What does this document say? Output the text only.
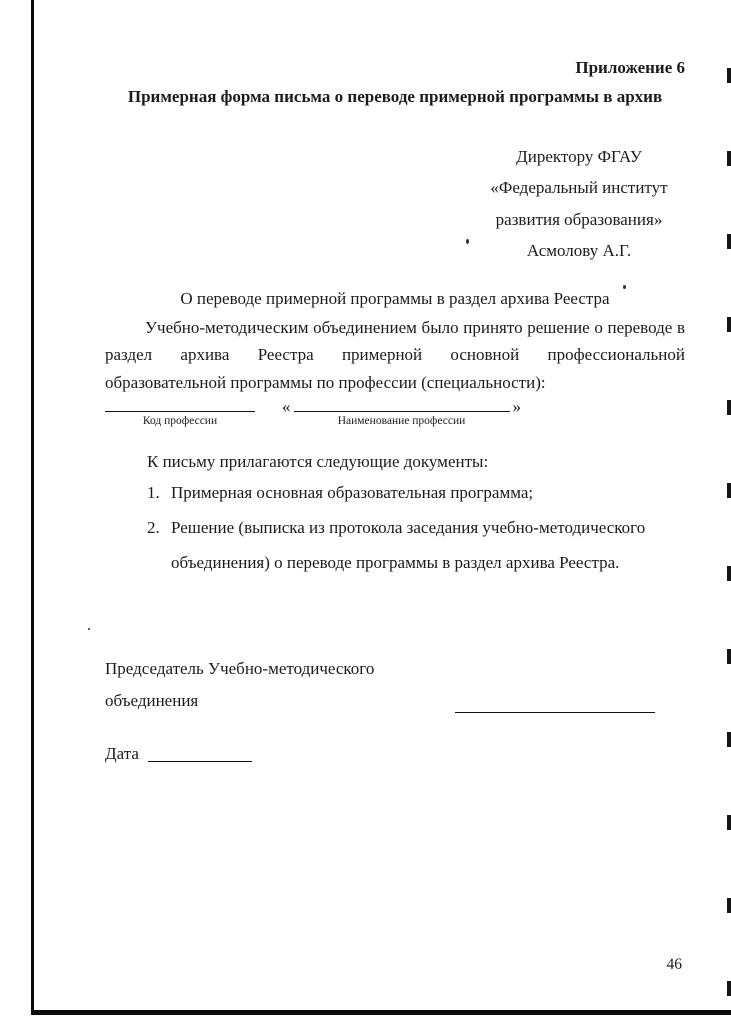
Приложение 6
Примерная форма письма о переводе примерной программы в архив
Директору ФГАУ
«Федеральный институт
развития образования»
Асмолову А.Г.
О переводе примерной программы в раздел архива Реестра

Учебно-методическим объединением было принято решение о переводе в раздел архива Реестра примерной основной профессиональной образовательной программы по профессии (специальности):

Код профессии
«
Наименование профессии
»
К письму прилагаются следующие документы:
1. Примерная основная образовательная программа;
2. Решение (выписка из протокола заседания учебно-методического объединения) о переводе программы в раздел архива Реестра.
Председатель Учебно-методического
объединения
Дата
46
